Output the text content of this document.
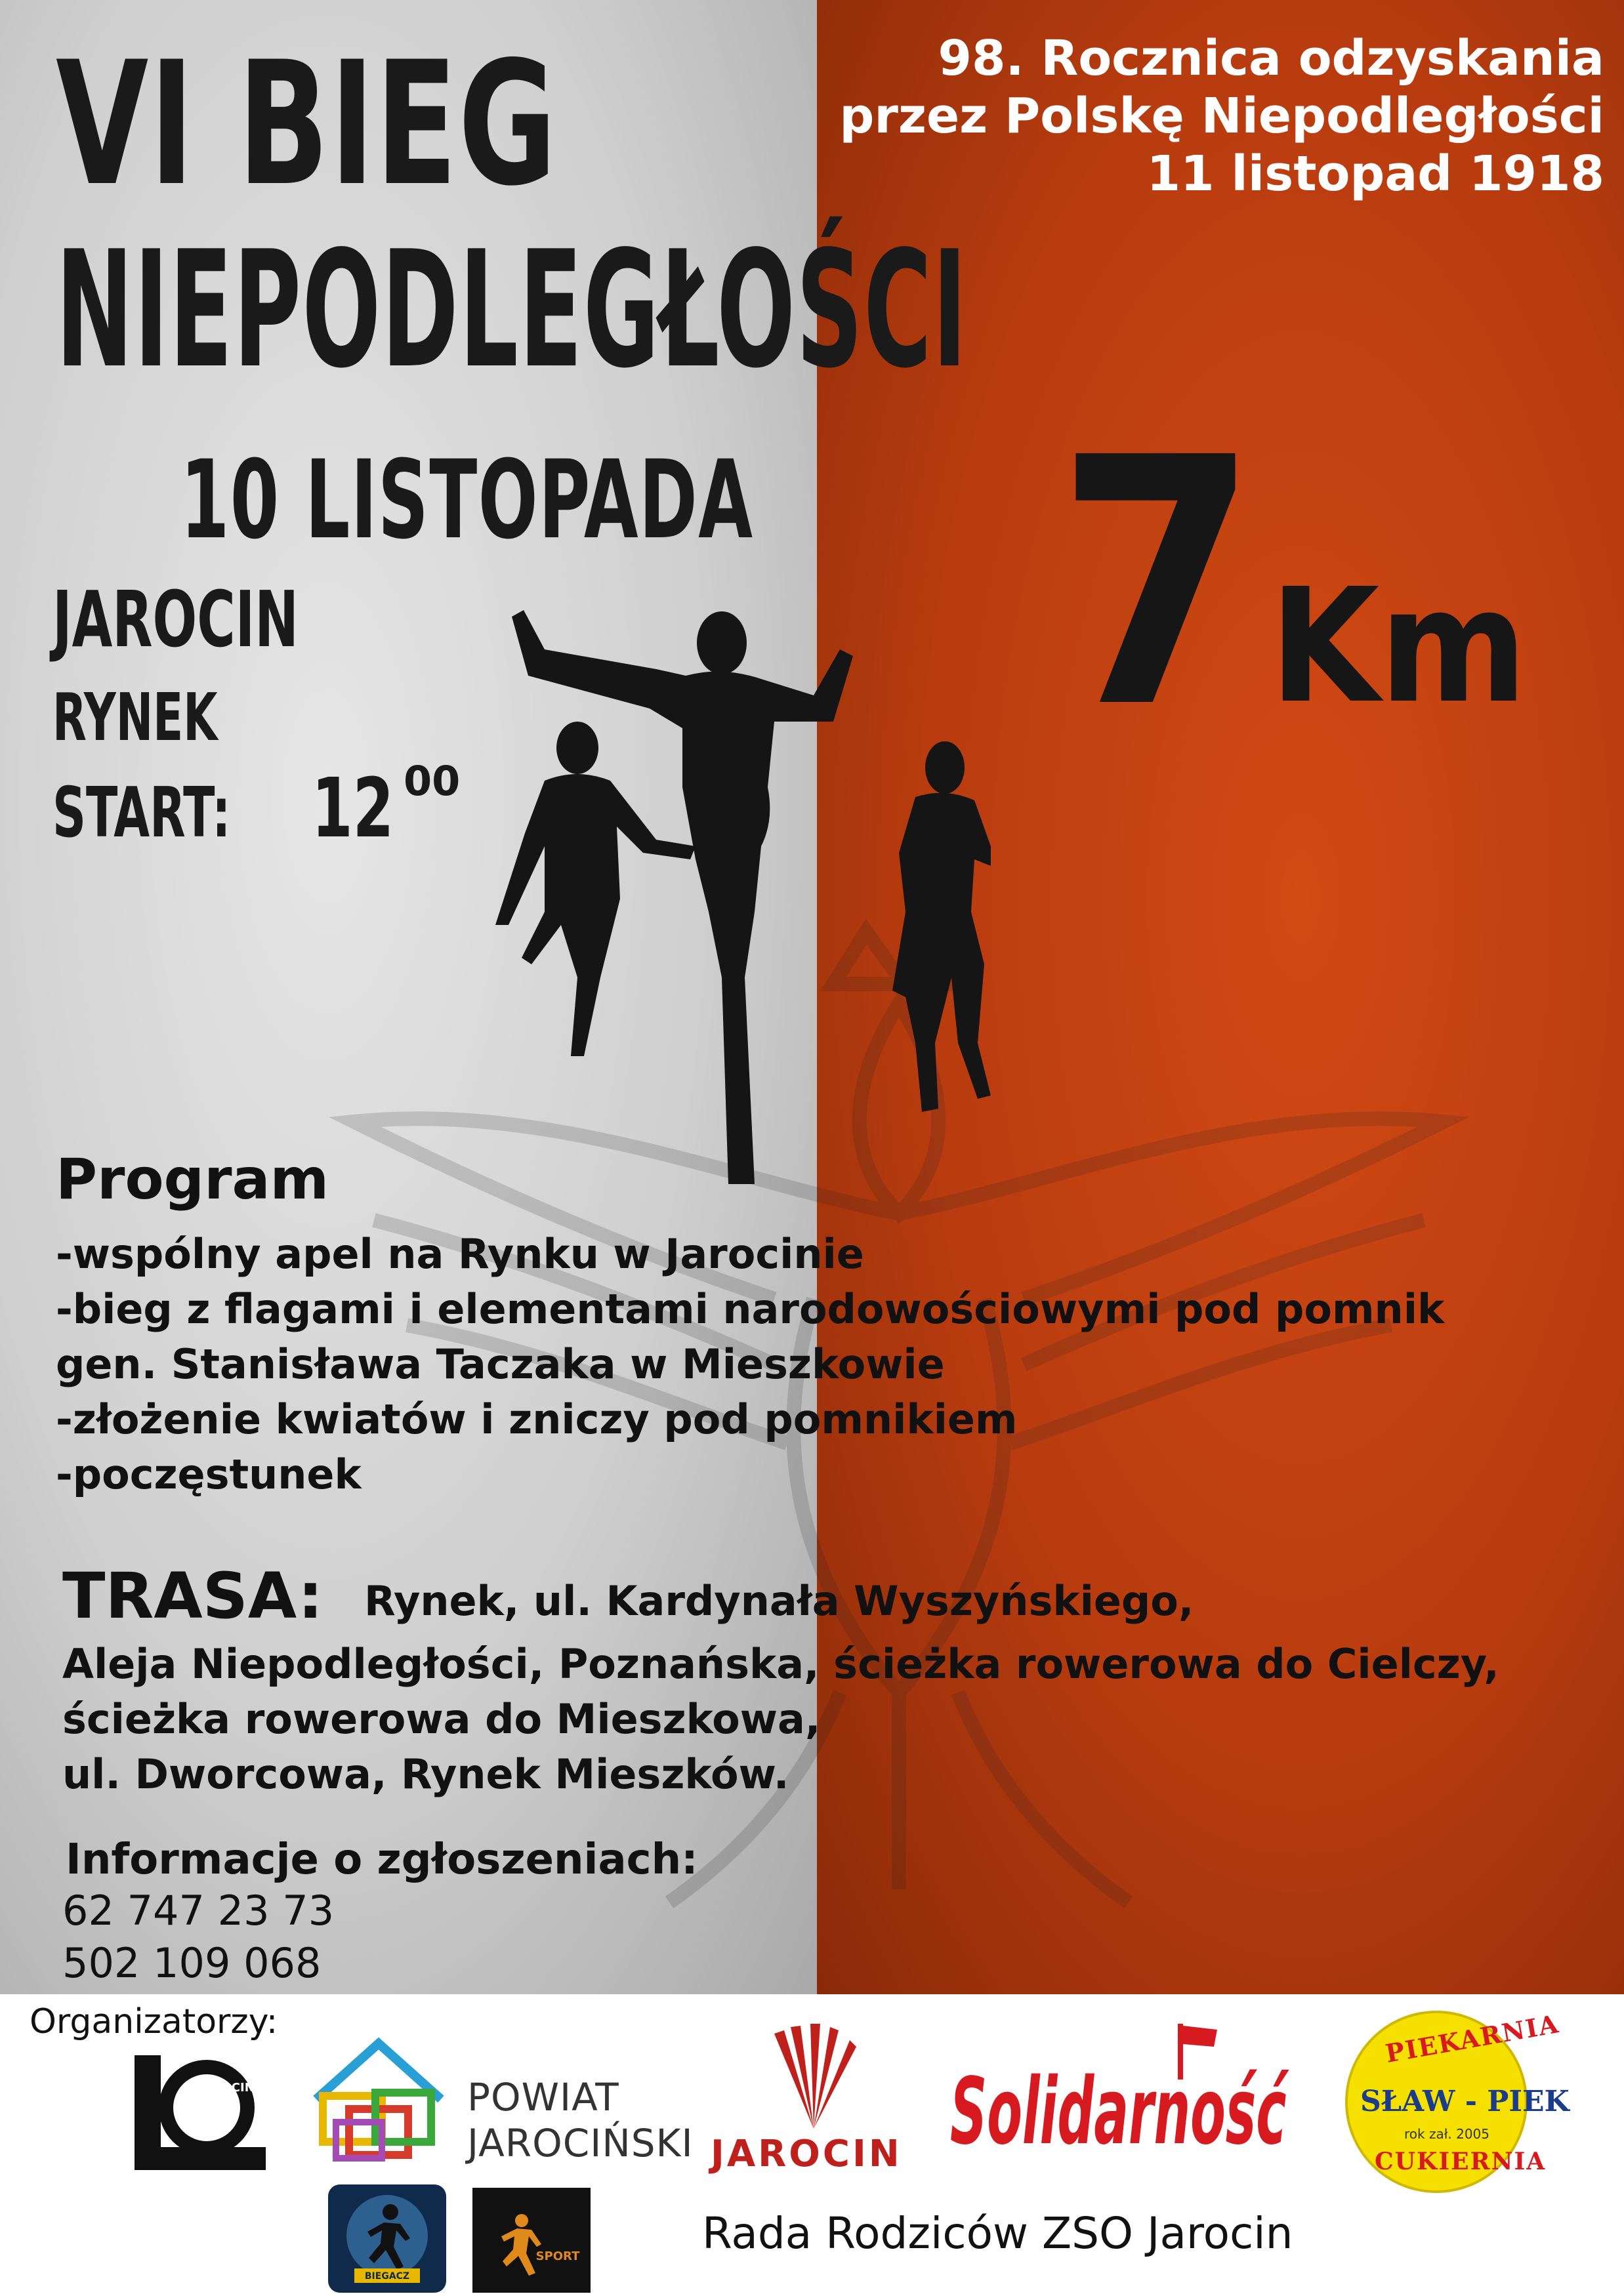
VI BIEG
NIEPODLEGŁOŚCI

98. Rocznica odzyskania
przez Polskę Niepodległości
11 listopad 1918

10 LISTOPADA

JAROCIN

RYNEK

START: 12 00 7 Km

Program
-wspólny apel na Rynku w Jarocinie
-bieg z flagami i elementami narodowościowymi pod pomnik
gen. Stanisława Taczaka w Mieszkowie
-złożenie kwiatów i zniczy pod pomnikiem
-poczęstunek
TRASA: Rynek, ul. Kardynała Wyszyńskiego,

Aleja Niepodległości, Poznańska, ścieżka rowerowa do Cielczy,
ścieżka rowerowa do Mieszkowa,
ul. Dworcowa, Rynek Mieszków.

Informacje o zgłoszeniach:

62 747 23 73

502 109 068

Organizatorzy:

JAROCIN	POWIAT
JAROCIŃSKI JAROCIN Solidarność

PIEKARNIA

SŁAW - PIEK

rok zał. 2005

CUKIERNIA

BIEGACZ
SPORT	Rada Rodziców ZSO Jarocin
